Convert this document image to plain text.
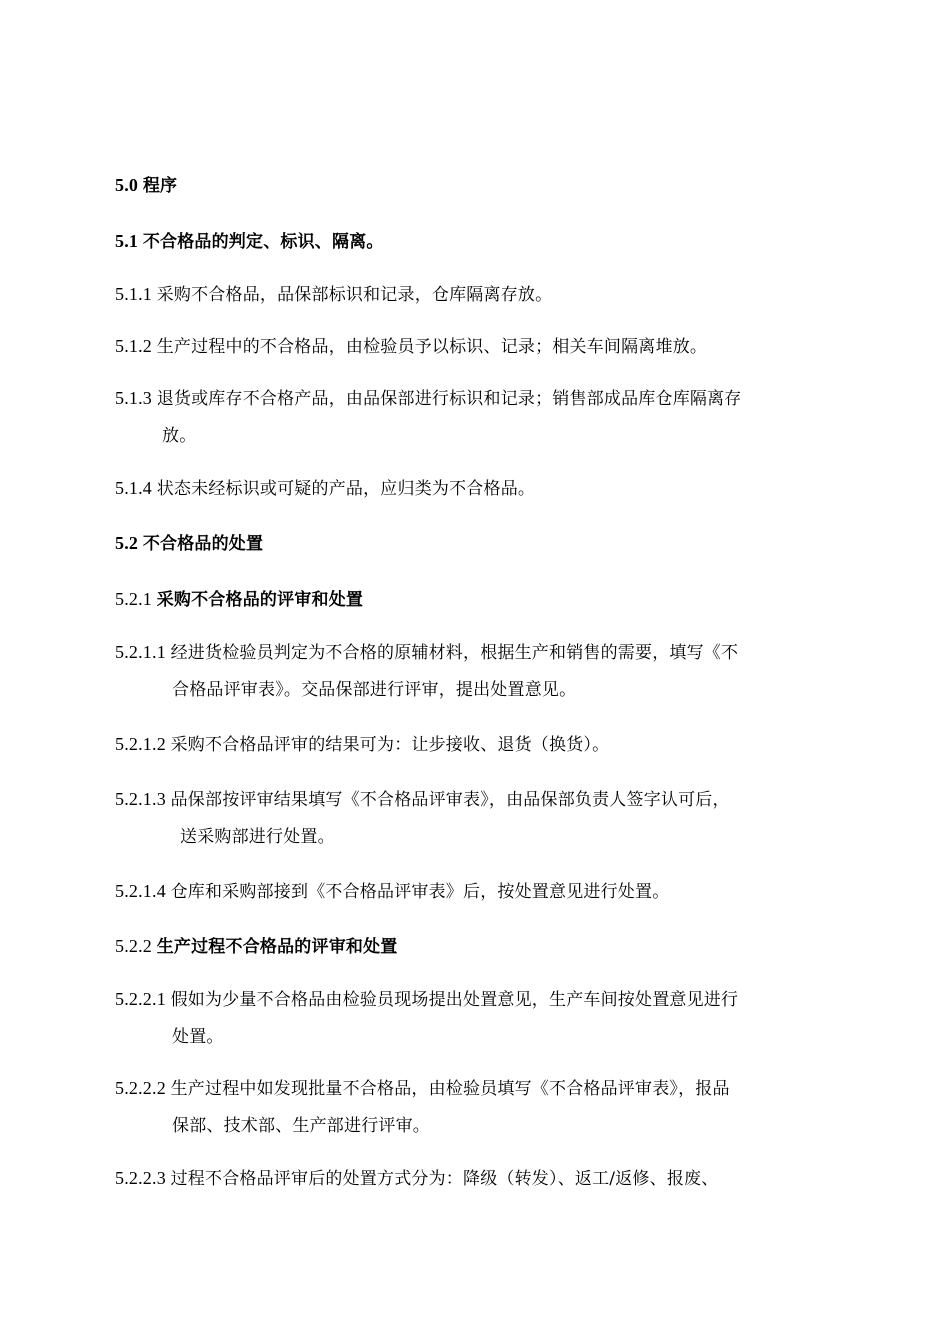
5.0 程序
5.1 不合格品的判定、标识、隔离。
5.1.1 采购不合格品，品保部标识和记录，仓库隔离存放。
5.1.2 生产过程中的不合格品，由检验员予以标识、记录；相关车间隔离堆放。
5.1.3 退货或库存不合格产品，由品保部进行标识和记录；销售部成品库仓库隔离存
放。
5.1.4 状态未经标识或可疑的产品，应归类为不合格品。
5.2 不合格品的处置
5.2.1 采购不合格品的评审和处置
5.2.1.1 经进货检验员判定为不合格的原辅材料，根据生产和销售的需要，填写《不
合格品评审表》。交品保部进行评审，提出处置意见。
5.2.1.2 采购不合格品评审的结果可为：让步接收、退货（换货）。
5.2.1.3 品保部按评审结果填写《不合格品评审表》，由品保部负责人签字认可后，
送采购部进行处置。
5.2.1.4 仓库和采购部接到《不合格品评审表》后，按处置意见进行处置。
5.2.2 生产过程不合格品的评审和处置
5.2.2.1 假如为少量不合格品由检验员现场提出处置意见，生产车间按处置意见进行
处置。
5.2.2.2 生产过程中如发现批量不合格品，由检验员填写《不合格品评审表》，报品
保部、技术部、生产部进行评审。
5.2.2.3 过程不合格品评审后的处置方式分为：降级（转发）、返工/返修、报废、
